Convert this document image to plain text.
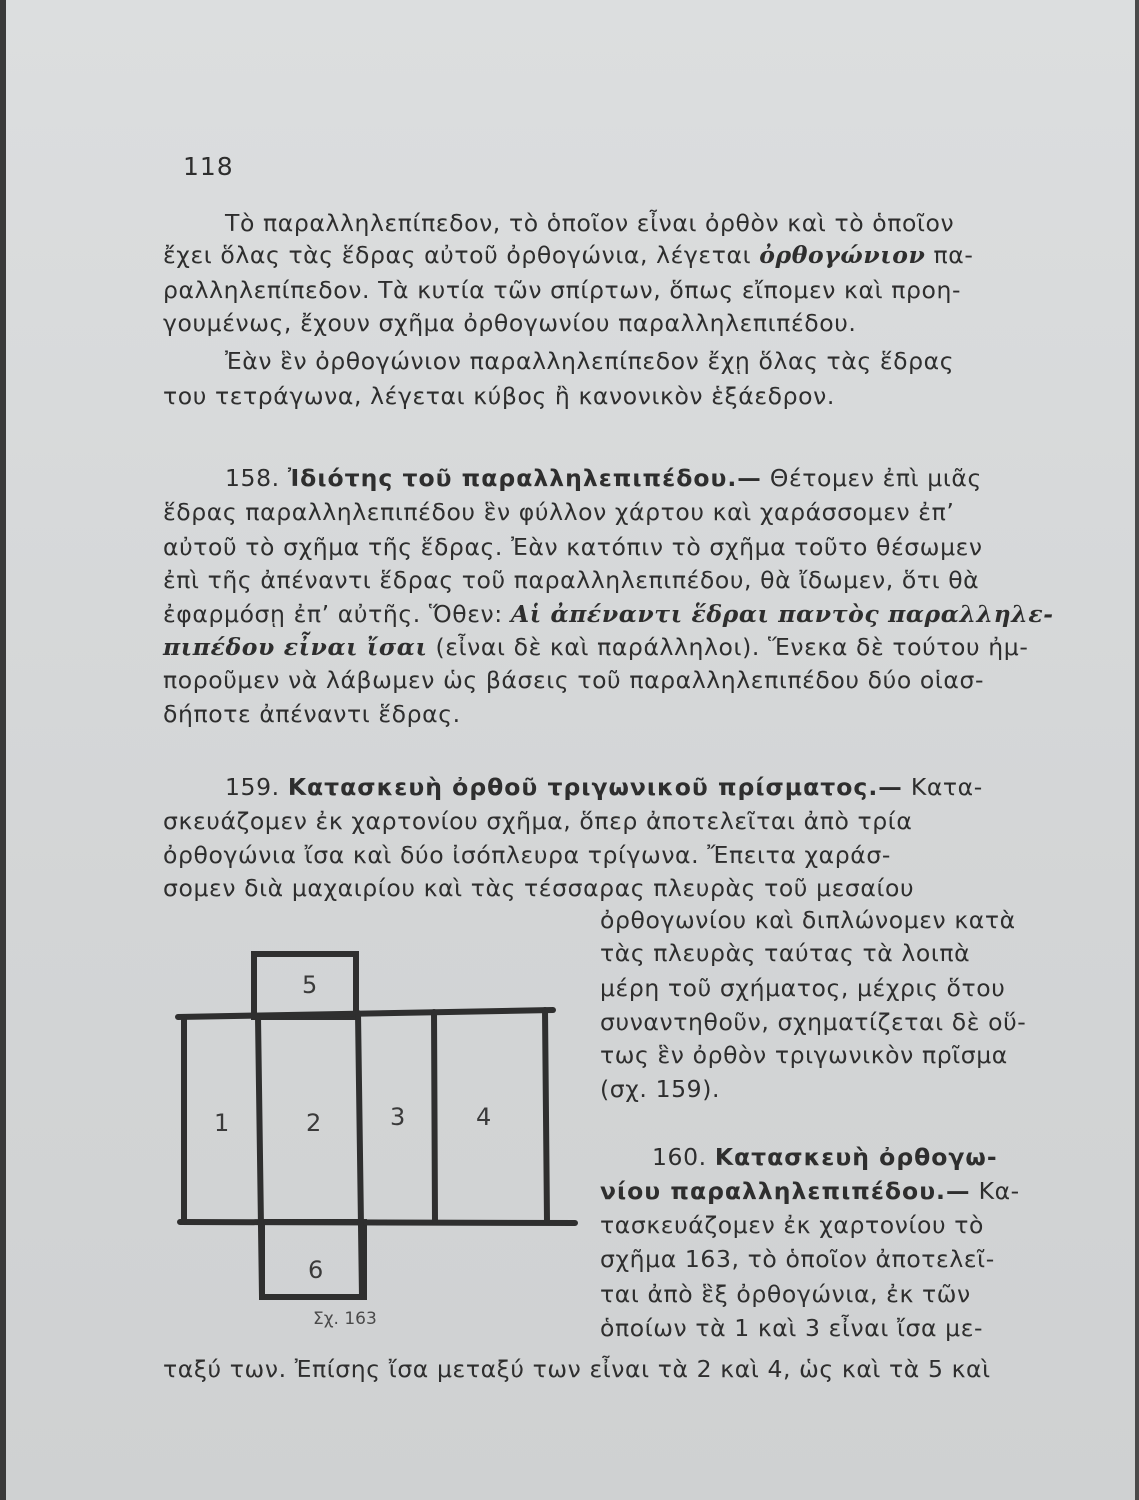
118
Τὸ παραλληλεπίπεδον, τὸ ὁποῖον εἶναι ὀρθὸν καὶ τὸ ὁποῖον
ἔχει ὅλας τὰς ἕδρας αὐτοῦ ὀρθογώνια, λέγεται ὀρθογώνιον πα-
ραλληλεπίπεδον. Τὰ κυτία τῶν σπίρτων, ὅπως εἴπομεν καὶ προη-
γουμένως, ἔχουν σχῆμα ὀρθογωνίου παραλληλεπιπέδου.
Ἐὰν ἓν ὀρθογώνιον παραλληλεπίπεδον ἔχῃ ὅλας τὰς ἕδρας
του τετράγωνα, λέγεται κύβος ἢ κανονικὸν ἑξάεδρον.
158. Ἰδιότης τοῦ παραλληλεπιπέδου.— Θέτομεν ἐπὶ μιᾶς
ἕδρας παραλληλεπιπέδου ἓν φύλλον χάρτου καὶ χαράσσομεν ἐπ’
αὐτοῦ τὸ σχῆμα τῆς ἕδρας. Ἐὰν κατόπιν τὸ σχῆμα τοῦτο θέσωμεν
ἐπὶ τῆς ἀπέναντι ἕδρας τοῦ παραλληλεπιπέδου, θὰ ἴδωμεν, ὅτι θὰ
ἐφαρμόσῃ ἐπ’ αὐτῆς. Ὅθεν: Αἱ ἀπέναντι ἕδραι παντὸς παραλληλε-
πιπέδου εἶναι ἴσαι (εἶναι δὲ καὶ παράλληλοι). Ἕνεκα δὲ τούτου ἠμ-
ποροῦμεν νὰ λάβωμεν ὡς βάσεις τοῦ παραλληλεπιπέδου δύο οἱασ-
δήποτε ἀπέναντι ἕδρας.
159. Κατασκευὴ ὀρθοῦ τριγωνικοῦ πρίσματος.— Κατα-
σκευάζομεν ἐκ χαρτονίου σχῆμα, ὅπερ ἀποτελεῖται ἀπὸ τρία
ὀρθογώνια ἴσα καὶ δύο ἰσόπλευρα τρίγωνα. Ἔπειτα χαράσ-
σομεν διὰ μαχαιρίου καὶ τὰς τέσσαρας πλευρὰς τοῦ μεσαίου
ὀρθογωνίου καὶ διπλώνομεν κατὰ
τὰς πλευρὰς ταύτας τὰ λοιπὰ
μέρη τοῦ σχήματος, μέχρις ὅτου
συναντηθοῦν, σχηματίζεται δὲ οὕ-
τως ἓν ὀρθὸν τριγωνικὸν πρῖσμα
(σχ. 159).
160. Κατασκευὴ ὀρθογω-
νίου παραλληλεπιπέδου.— Κα-
τασκευάζομεν ἐκ χαρτονίου τὸ
σχῆμα 163, τὸ ὁποῖον ἀποτελεῖ-
ται ἀπὸ ἓξ ὀρθογώνια, ἐκ τῶν
ὁποίων τὰ 1 καὶ 3 εἶναι ἴσα με-
ταξύ των. Ἐπίσης ἴσα μεταξύ των εἶναι τὰ 2 καὶ 4, ὡς καὶ τὰ 5 καὶ
5
1	2	3	4
6
Σχ. 163
